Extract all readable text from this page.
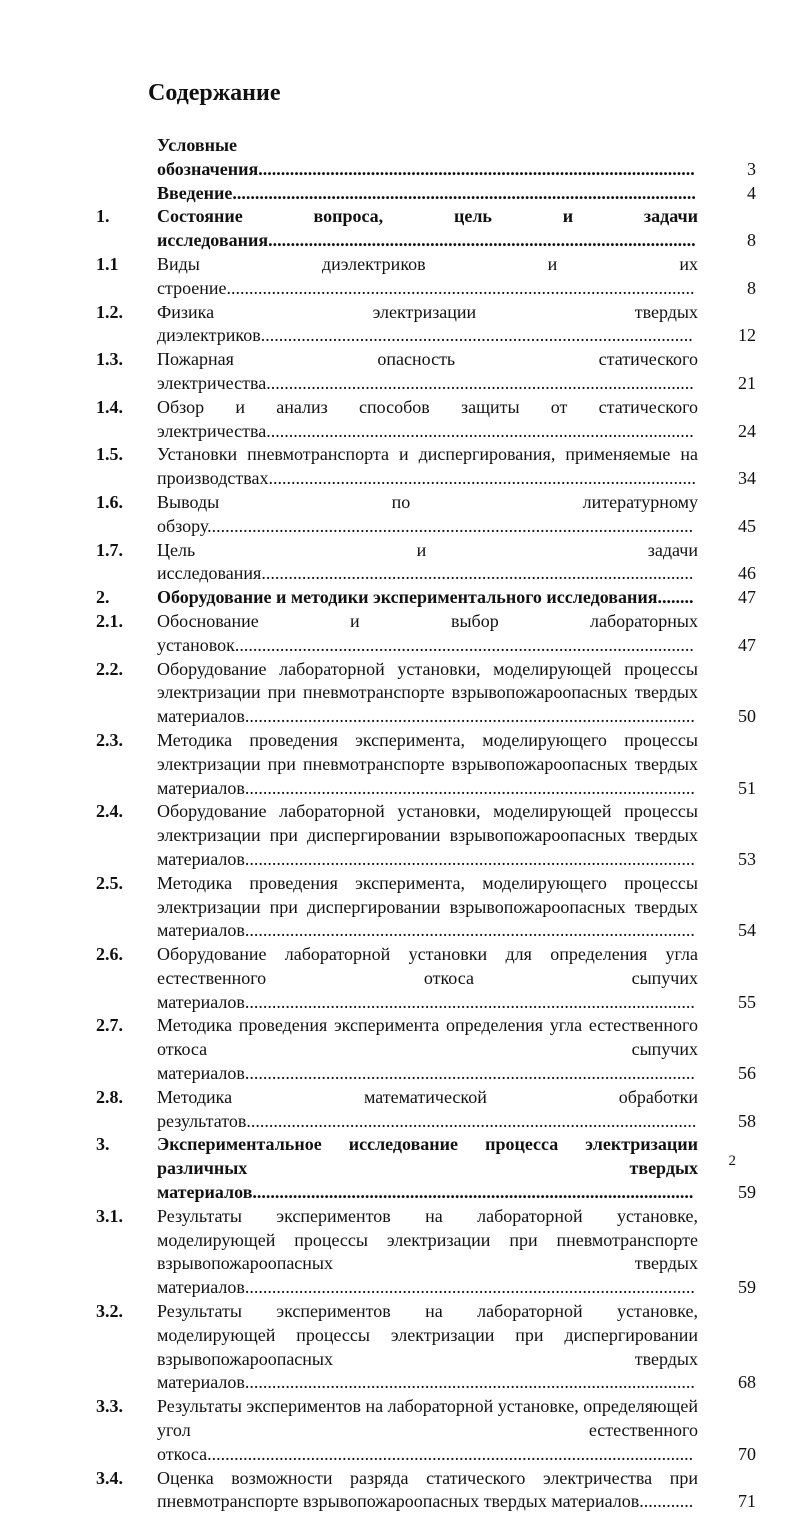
Содержание
Условные обозначения.................................................................................................	3
Введение.......................................................................................................	4
1.	Состояние вопроса, цель и задачи исследования...............................................................................................	8
1.1	Виды диэлектриков и их строение........................................................................................................	8
1.2.	Физика электризации твердых диэлектриков................................................................................................	12
1.3.	Пожарная опасность статического электричества...............................................................................................	21
1.4.	Обзор и анализ способов защиты от статического электричества...............................................................................................	24
1.5.	Установки пневмотранспорта и диспергирования, применяемые на производствах...............................................................................................	34
1.6.	Выводы по литературному обзору............................................................................................................	45
1.7.	Цель и задачи исследования................................................................................................	46
2.	Оборудование и методики экспериментального исследования........	47
2.1.	Обоснование и выбор лабораторных установок......................................................................................................	47
2.2.	Оборудование лабораторной установки, моделирующей процессы электризации при пневмотранспорте взрывопожароопасных твердых материалов....................................................................................................	50
2.3.	Методика проведения эксперимента, моделирующего процессы электризации при пневмотранспорте взрывопожароопасных твердых материалов....................................................................................................	51
2.4.	Оборудование лабораторной установки, моделирующей процессы электризации при диспергировании взрывопожароопасных твердых материалов....................................................................................................	53
2.5.	Методика проведения эксперимента, моделирующего процессы электризации при диспергировании взрывопожароопасных твердых материалов....................................................................................................	54
2.6.	Оборудование лабораторной установки для определения угла естественного откоса сыпучих материалов....................................................................................................	55
2.7.	Методика проведения эксперимента определения угла естественного откоса сыпучих материалов....................................................................................................	56
2.8.	Методика математической обработки результатов....................................................................................................	58
3.	Экспериментальное исследование процесса электризации различных твердых материалов..................................................................................................	59
3.1.	Результаты экспериментов на лабораторной установке, моделирующей процессы электризации при пневмотранспорте взрывопожароопасных твердых материалов....................................................................................................	59
3.2.	Результаты экспериментов на лабораторной установке, моделирующей процессы электризации при диспергировании взрывопожароопасных твердых материалов....................................................................................................	68
3.3.	Результаты экспериментов на лабораторной установке, определяющей угол естественного откоса............................................................................................................	70
3.4.	Оценка возможности разряда статического электричества при пневмотранспорте взрывопожароопасных твердых материалов............	71
2
